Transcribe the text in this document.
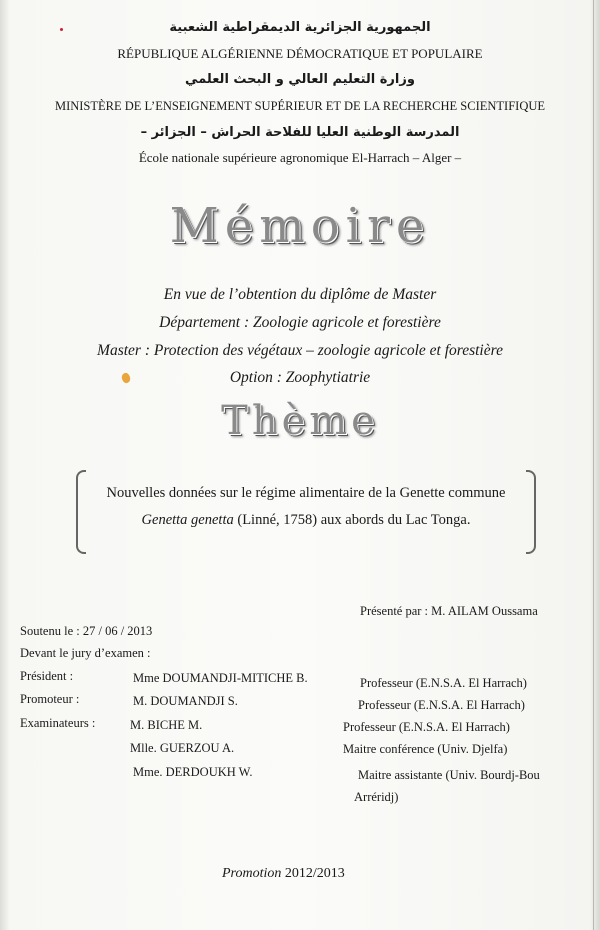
الجمهورية الجزائرية الديمقراطية الشعبية
RÉPUBLIQUE ALGÉRIENNE DÉMOCRATIQUE ET POPULAIRE
وزارة التعليم العالي و البحث العلمي
MINISTÈRE DE L’ENSEIGNEMENT SUPÉRIEUR ET DE LA RECHERCHE SCIENTIFIQUE
المدرسة الوطنية العليا للفلاحة الحراش – الجزائر –
École nationale supérieure agronomique El-Harrach – Alger –
Mémoire
En vue de l’obtention du diplôme de Master
Département : Zoologie agricole et forestière
Master : Protection des végétaux – zoologie agricole et forestière
Option : Zoophytiatrie
Thème
Nouvelles données sur le régime alimentaire de la Genette commune Genetta genetta (Linné, 1758) aux abords du Lac Tonga.
Présenté par : M. AILAM Oussama
Soutenu le : 27 / 06 / 2013
Devant le jury d’examen :
Président :	Mme DOUMANDJI-MITICHE B.	Professeur (E.N.S.A. El Harrach)
Promoteur :	M. DOUMANDJI S.	Professeur (E.N.S.A. El Harrach)
Examinateurs :	M. BICHE M.	Professeur (E.N.S.A. El Harrach)
Mlle. GUERZOU A.	Maitre conférence (Univ. Djelfa)
Mme. DERDOUKH W.	Maitre assistante (Univ. Bourdj-Bou
Arréridj)
Promotion 2012/2013
